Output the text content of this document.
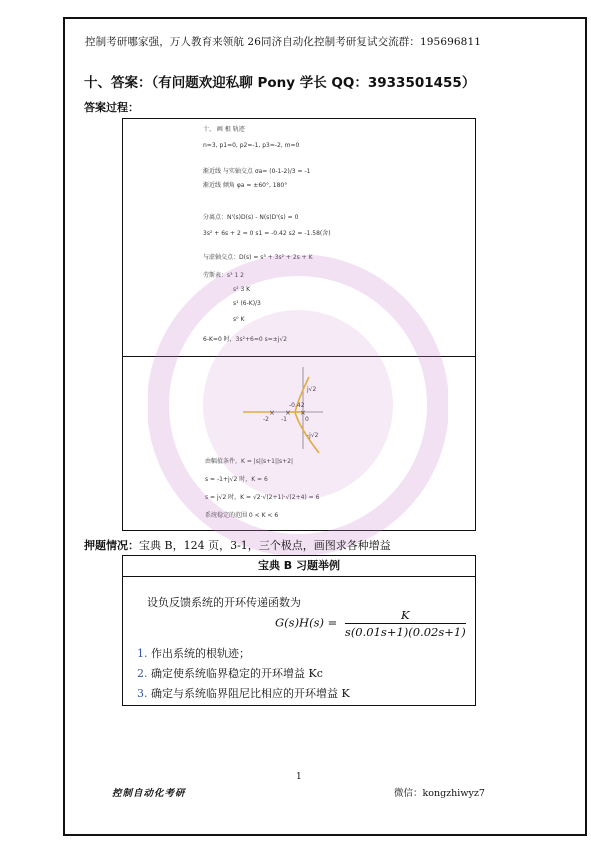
控制考研哪家强，万人教育来领航 26同济自动化控制考研复试交流群：195696811
十、答案：（有问题欢迎私聊 Pony 学长 QQ：3933501455）
答案过程：
十、 画 根 轨迹
n=3, p1=0, p2=-1, p3=-2, m=0
渐近线 与实轴交点 σa= (0-1-2)/3 = -1
渐近线 倾角 φa = ±60°, 180°
分离点：N'(s)D(s) - N(s)D'(s) = 0
3s² + 6s + 2 = 0 s1 = -0.42 s2 = -1.58(舍)
与虚轴交点：D(s) = s³ + 3s² + 2s + K
劳斯表：s³ 1 2
s² 3 K
s¹ (6-K)/3
s⁰ K
6-K=0 时，3s²+6=0 s=±j√2
× × ×
-2 -1	0
j√2
-j√2
-0.42
由幅值条件，K = |s||s+1||s+2|
s = -1+j√2 时，K = 6
s = j√2 时，K = √2·√(2+1)·√(2+4) = 6
系统稳定的范围 0 < K < 6
押题情况：宝典 B，124 页，3-1，三个极点，画图求各种增益
宝典 B 习题举例
设负反馈系统的开环传递函数为
$G(s)H(s) = \frac{K}{s(0.01s+1)(0.02s+1)}$
1. 作出系统的根轨迹；
2. 确定使系统临界稳定的开环增益 Kc
3. 确定与系统临界阻尼比相应的开环增益 K
1
控制自动化考研	微信：kongzhiwyz7
